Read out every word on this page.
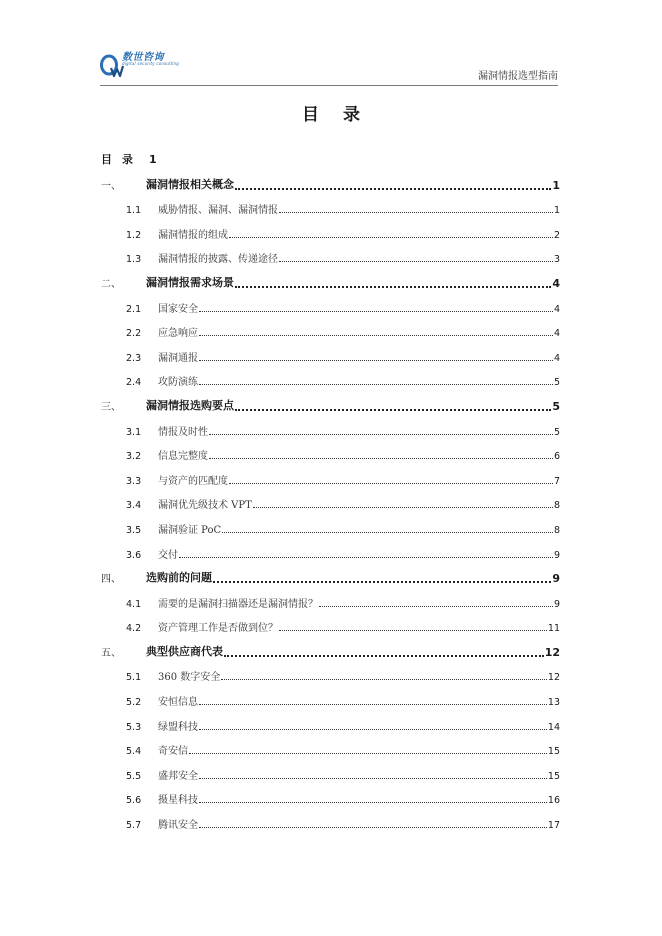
数世咨询
digital security consulting
漏洞情报选型指南
目录
目录 1
一、	漏洞情报相关概念	1
1.1	威胁情报、漏洞、漏洞情报	1
1.2	漏洞情报的组成	2
1.3	漏洞情报的披露、传递途径	3
二、	漏洞情报需求场景	4
2.1	国家安全	4
2.2	应急响应	4
2.3	漏洞通报	4
2.4	攻防演练	5
三、	漏洞情报选购要点	5
3.1	情报及时性	5
3.2	信息完整度	6
3.3	与资产的匹配度	7
3.4	漏洞优先级技术 VPT	8
3.5	漏洞验证 PoC	8
3.6	交付	9
四、	选购前的问题	9
4.1	需要的是漏洞扫描器还是漏洞情报？	9
4.2	资产管理工作是否做到位？	11
五、	典型供应商代表	12
5.1	360 数字安全	12
5.2	安恒信息	13
5.3	绿盟科技	14
5.4	奇安信	15
5.5	盛邦安全	15
5.6	摄星科技	16
5.7	腾讯安全	17
